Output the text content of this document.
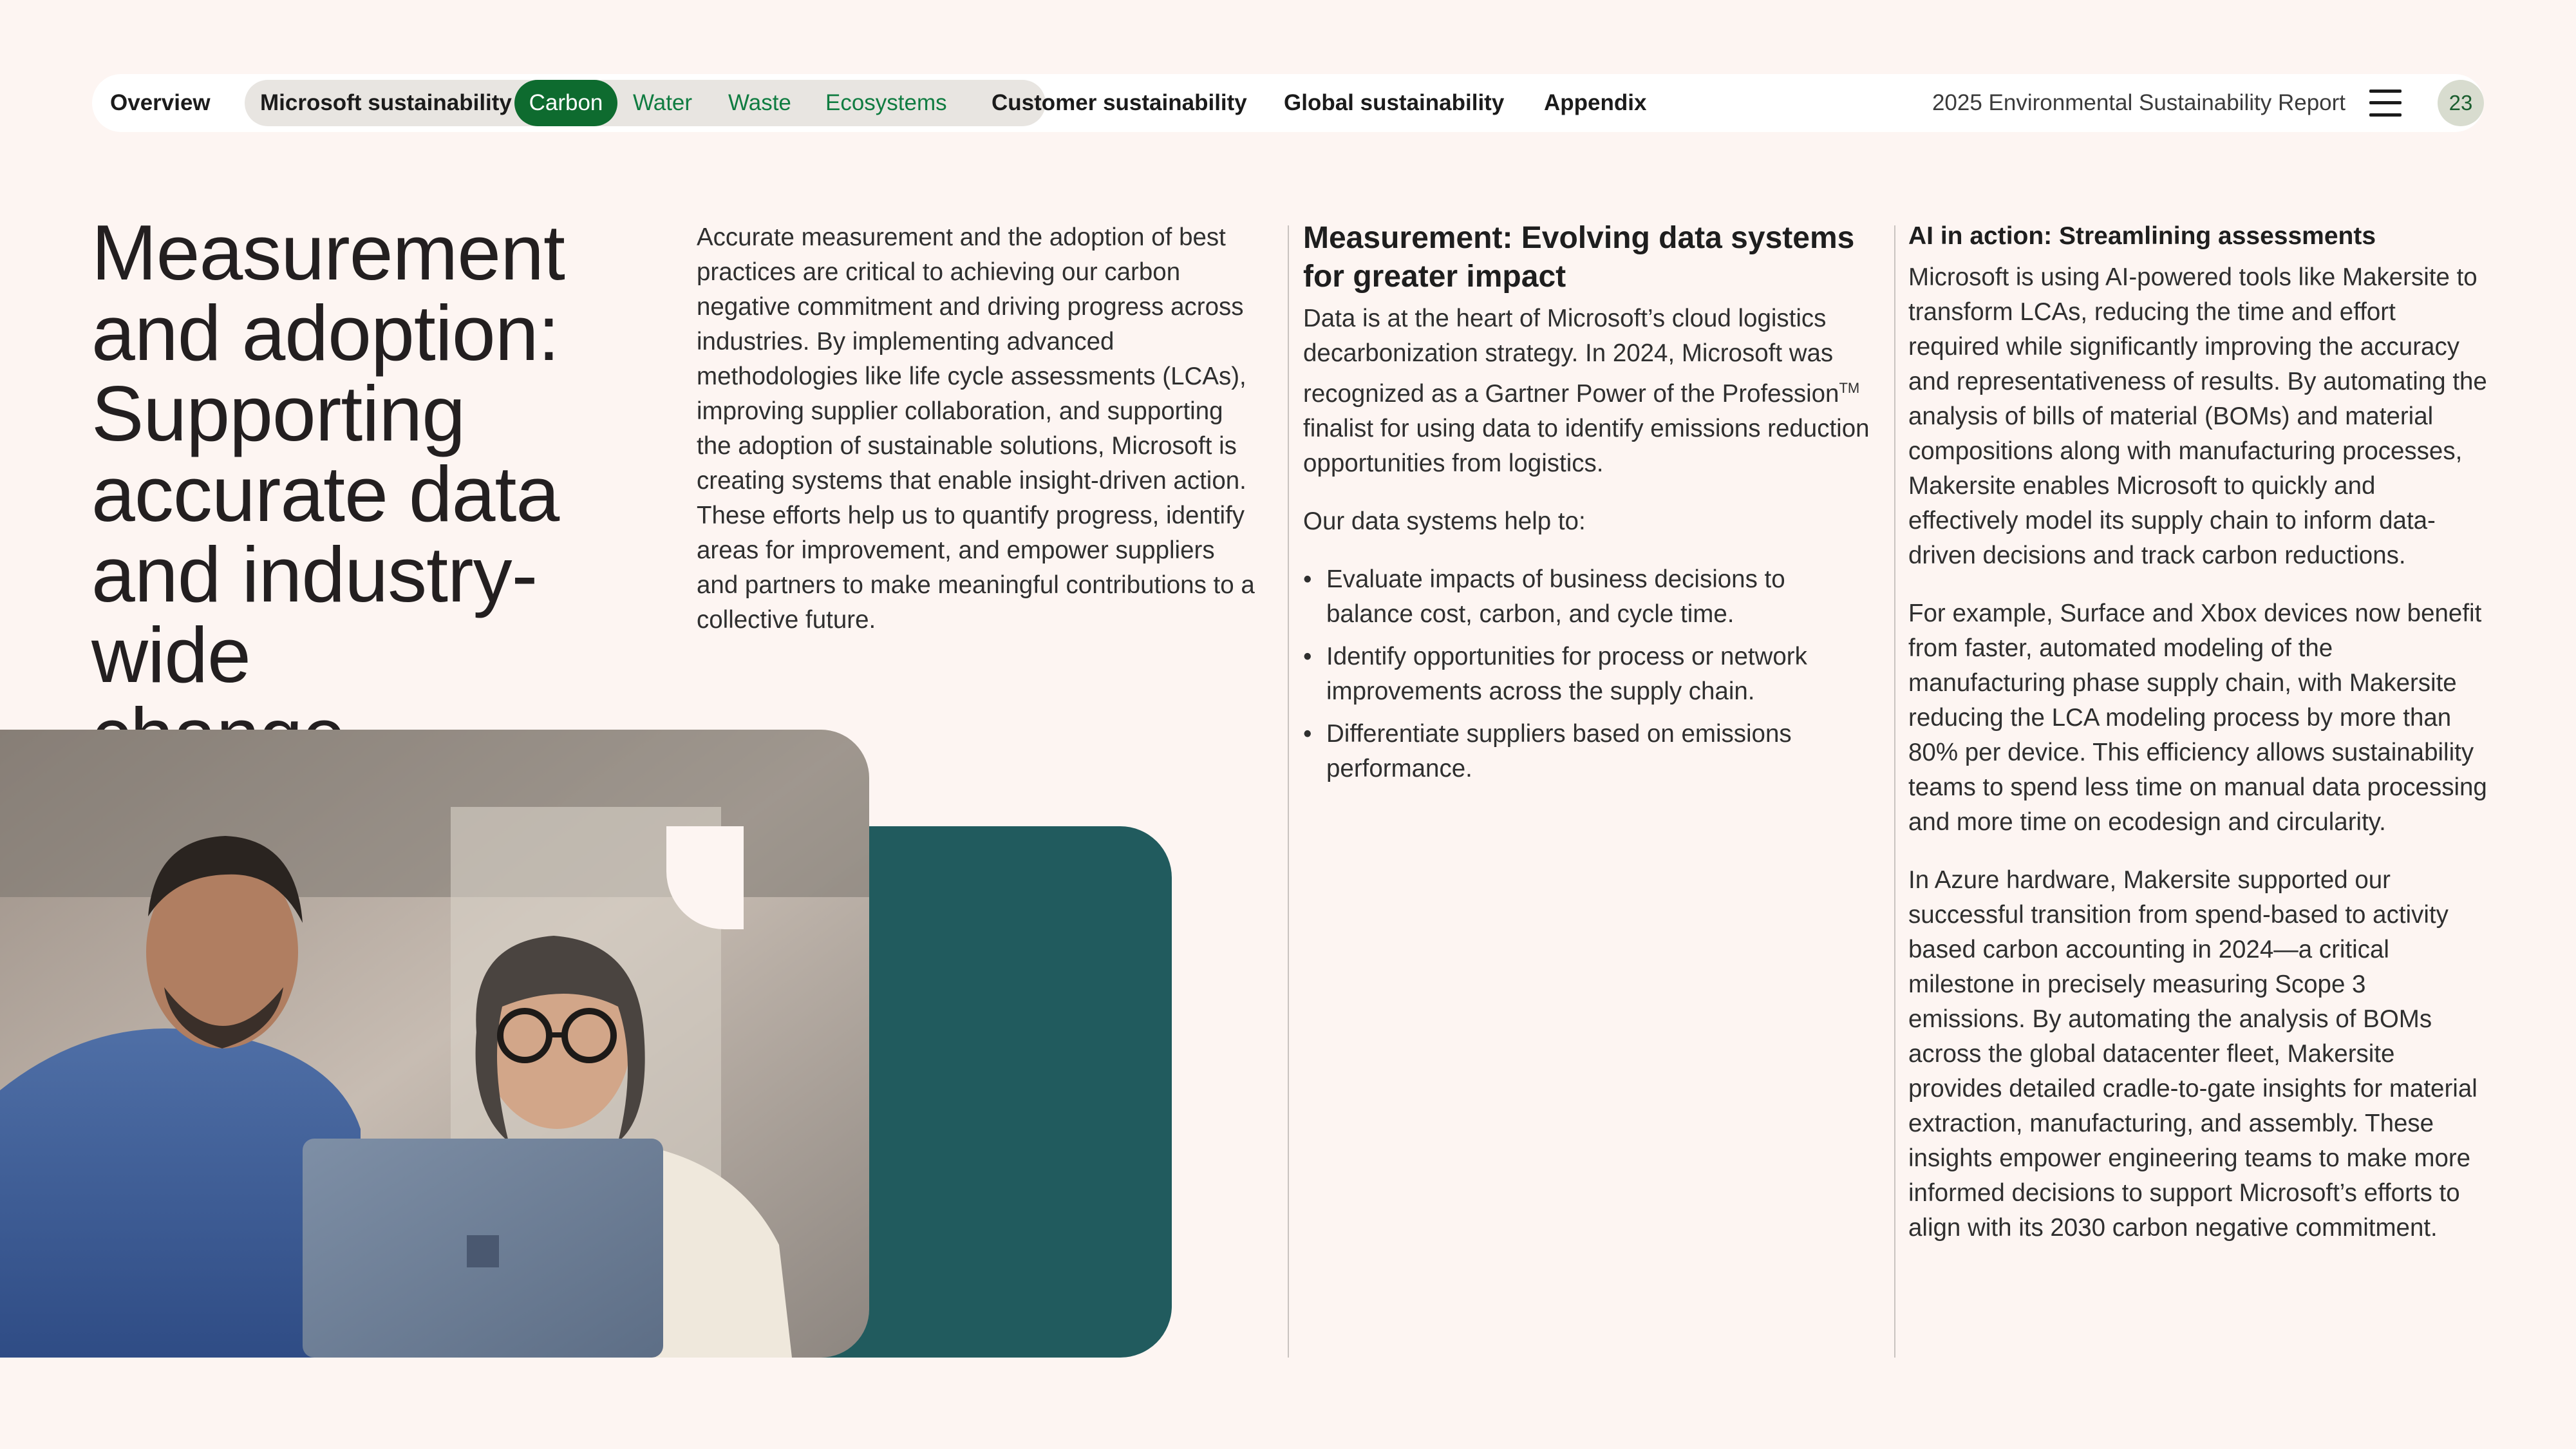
Overview Microsoft sustainability Carbon	Water Waste Ecosystems Customer sustainability Global sustainability Appendix	2025 Environmental Sustainability Report	23
Measurement
and adoption:
Supporting
accurate data
and industry-wide

Accurate measurement and the adoption of best practices are critical to achieving our carbon negative commitment and driving progress across industries. By implementing advanced methodologies like life cycle assessments (LCAs), improving supplier collaboration, and supporting the adoption of sustainable solutions, Microsoft is creating systems that enable insight-driven action. These efforts help us to quantify progress, identify areas for improvement, and empower suppliers and partners to make meaningful contributions to a collective future.

Measurement: Evolving data systems for greater impact

Data is at the heart of Microsoft’s cloud logistics decarbonization strategy. In 2024, Microsoft was recognized as a Gartner Power of the Profession™ finalist for using data to identify emissions reduction opportunities from logistics.

Our data systems help to:

• Evaluate impacts of business decisions to balance cost, carbon, and cycle time.
• Identify opportunities for process or network improvements across the supply chain.
• Differentiate suppliers based on emissions performance.
AI in action: Streamlining assessments

Microsoft is using AI-powered tools like Makersite to transform LCAs, reducing the time and effort required while significantly improving the accuracy and representativeness of results. By automating the analysis of bills of material (BOMs) and material compositions along with manufacturing processes, Makersite enables Microsoft to quickly and effectively model its supply chain to inform data-driven decisions and track carbon reductions.

For example, Surface and Xbox devices now benefit from faster, automated modeling of the manufacturing phase supply chain, with Makersite reducing the LCA modeling process by more than 80% per device. This efficiency allows sustainability teams to spend less time on manual data processing and more time on ecodesign and circularity.

In Azure hardware, Makersite supported our successful transition from spend-based to activity based carbon accounting in 2024—a critical milestone in precisely measuring Scope 3 emissions. By automating the analysis of BOMs across the global datacenter fleet, Makersite provides detailed cradle-to-gate insights for material extraction, manufacturing, and assembly. These insights empower engineering teams to make more informed decisions to support Microsoft’s efforts to align with its 2030 carbon negative commitment.
